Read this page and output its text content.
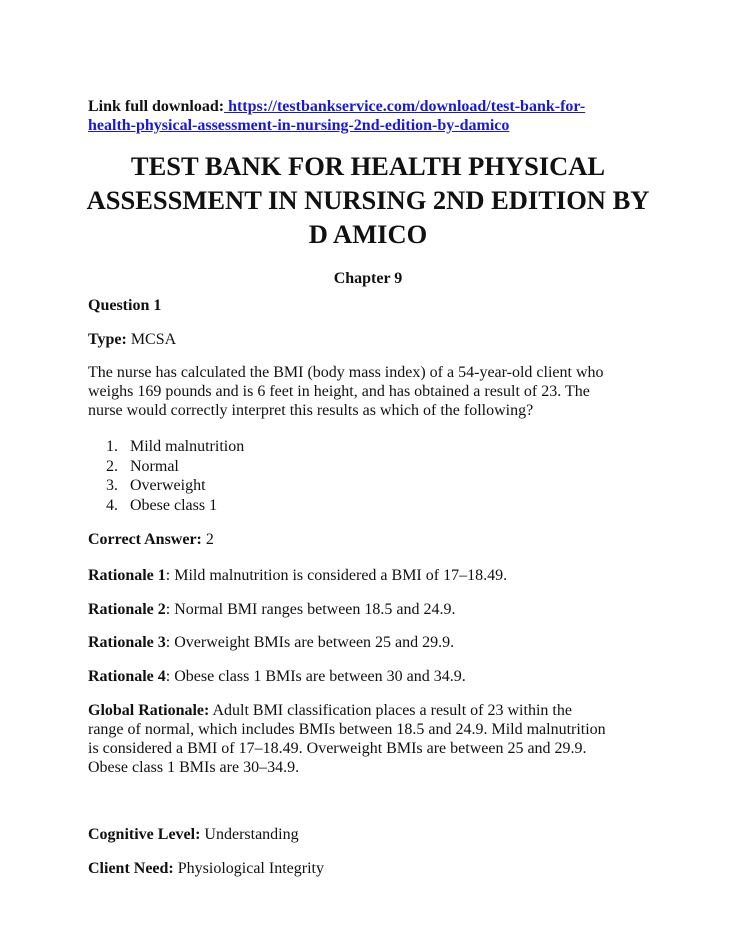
Link full download: https://testbankservice.com/download/test-bank-for-
health-physical-assessment-in-nursing-2nd-edition-by-damico
TEST BANK FOR HEALTH PHYSICAL
ASSESSMENT IN NURSING 2ND EDITION BY
D AMICO
Chapter 9
Question 1
Type: MCSA
The nurse has calculated the BMI (body mass index) of a 54-year-old client who
weighs 169 pounds and is 6 feet in height, and has obtained a result of 23. The
nurse would correctly interpret this results as which of the following?
1. Mild malnutrition
2. Normal
3. Overweight
4. Obese class 1
Correct Answer: 2
Rationale 1: Mild malnutrition is considered a BMI of 17–18.49.
Rationale 2: Normal BMI ranges between 18.5 and 24.9.
Rationale 3: Overweight BMIs are between 25 and 29.9.
Rationale 4: Obese class 1 BMIs are between 30 and 34.9.
Global Rationale: Adult BMI classification places a result of 23 within the
range of normal, which includes BMIs between 18.5 and 24.9. Mild malnutrition
is considered a BMI of 17–18.49. Overweight BMIs are between 25 and 29.9.
Obese class 1 BMIs are 30–34.9.
Cognitive Level: Understanding
Client Need: Physiological Integrity
